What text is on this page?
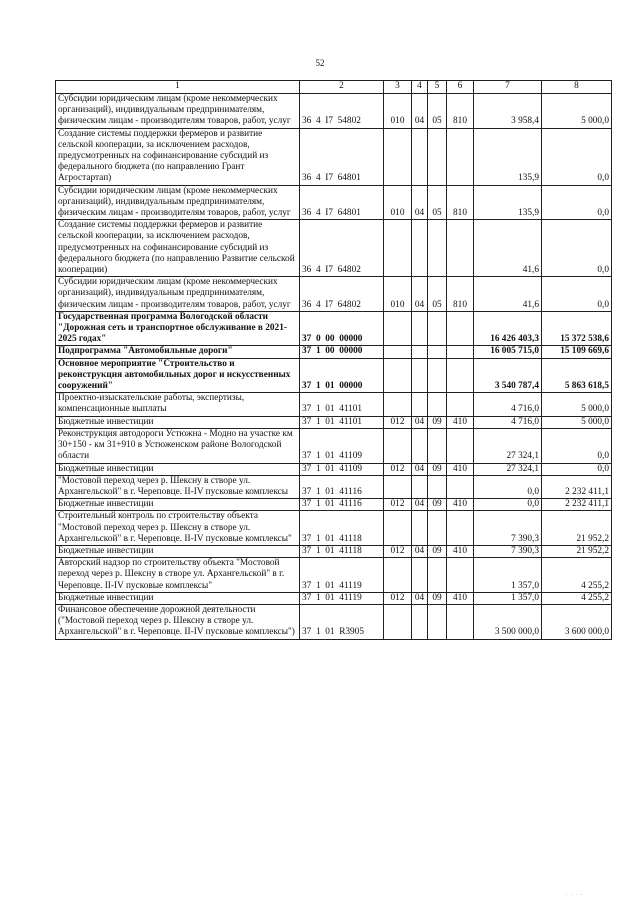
52
1	2	3	4	5	6	7	8
Субсидии юридическим лицам (кроме некоммерческих организаций), индивидуальным предпринимателям, физическим лицам - производителям товаров, работ, услуг	36  4  I7  54802	010	04	05	810	3 958,4	5 000,0
Создание системы поддержки фермеров и развитие сельской кооперации, за исключением расходов, предусмотренных на софинансирование субсидий из федерального бюджета (по направлению Грант Агростартап)	36  4  I7  64801					135,9	0,0
Субсидии юридическим лицам (кроме некоммерческих организаций), индивидуальным предпринимателям, физическим лицам - производителям товаров, работ, услуг	36  4  I7  64801	010	04	05	810	135,9	0,0
Создание системы поддержки фермеров и развитие сельской кооперации, за исключением расходов, предусмотренных на софинансирование субсидий из федерального бюджета (по направлению Развитие сельской кооперации)	36  4  I7  64802					41,6	0,0
Субсидии юридическим лицам (кроме некоммерческих организаций), индивидуальным предпринимателям, физическим лицам - производителям товаров, работ, услуг	36  4  I7  64802	010	04	05	810	41,6	0,0
Государственная программа Вологодской области "Дорожная сеть и транспортное обслуживание в 2021-2025 годах"	37  0  00  00000					16 426 403,3	15 372 538,6
Подпрограмма "Автомобильные дороги"	37  1  00  00000					16 005 715,0	15 109 669,6
Основное мероприятие "Строительство и реконструкция автомобильных дорог и искусственных сооружений"	37  1  01  00000					3 540 787,4	5 863 618,5
Проектно-изыскательские работы, экспертизы, компенсационные выплаты	37  1  01  41101					4 716,0	5 000,0
Бюджетные инвестиции	37  1  01  41101	012	04	09	410	4 716,0	5 000,0
Реконструкция автодороги Устюжна - Модно на участке км 30+150 - км 31+910 в Устюженском районе Вологодской области	37  1  01  41109					27 324,1	0,0
Бюджетные инвестиции	37  1  01  41109	012	04	09	410	27 324,1	0,0
"Мостовой переход через р. Шексну в створе ул. Архангельской" в г. Череповце. II-IV пусковые комплексы	37  1  01  41116					0,0	2 232 411,1
Бюджетные инвестиции	37  1  01  41116	012	04	09	410	0,0	2 232 411,1
Строительный контроль по строительству объекта "Мостовой переход через р. Шексну в створе ул. Архангельской" в г. Череповце. II-IV пусковые комплексы"	37  1  01  41118					7 390,3	21 952,2
Бюджетные инвестиции	37  1  01  41118	012	04	09	410	7 390,3	21 952,2
Авторский надзор по строительству объекта "Мостовой переход через р. Шексну в створе ул. Архангельской" в г. Череповце. II-IV пусковые комплексы"	37  1  01  41119					1 357,0	4 255,2
Бюджетные инвестиции	37  1  01  41119	012	04	09	410	1 357,0	4 255,2
Финансовое обеспечение дорожной деятельности ("Мостовой переход через р. Шексну в створе ул. Архангельской" в г. Череповце. II-IV пусковые комплексы")	37  1  01  R3905					3 500 000,0	3 600 000,0
· · · ·
